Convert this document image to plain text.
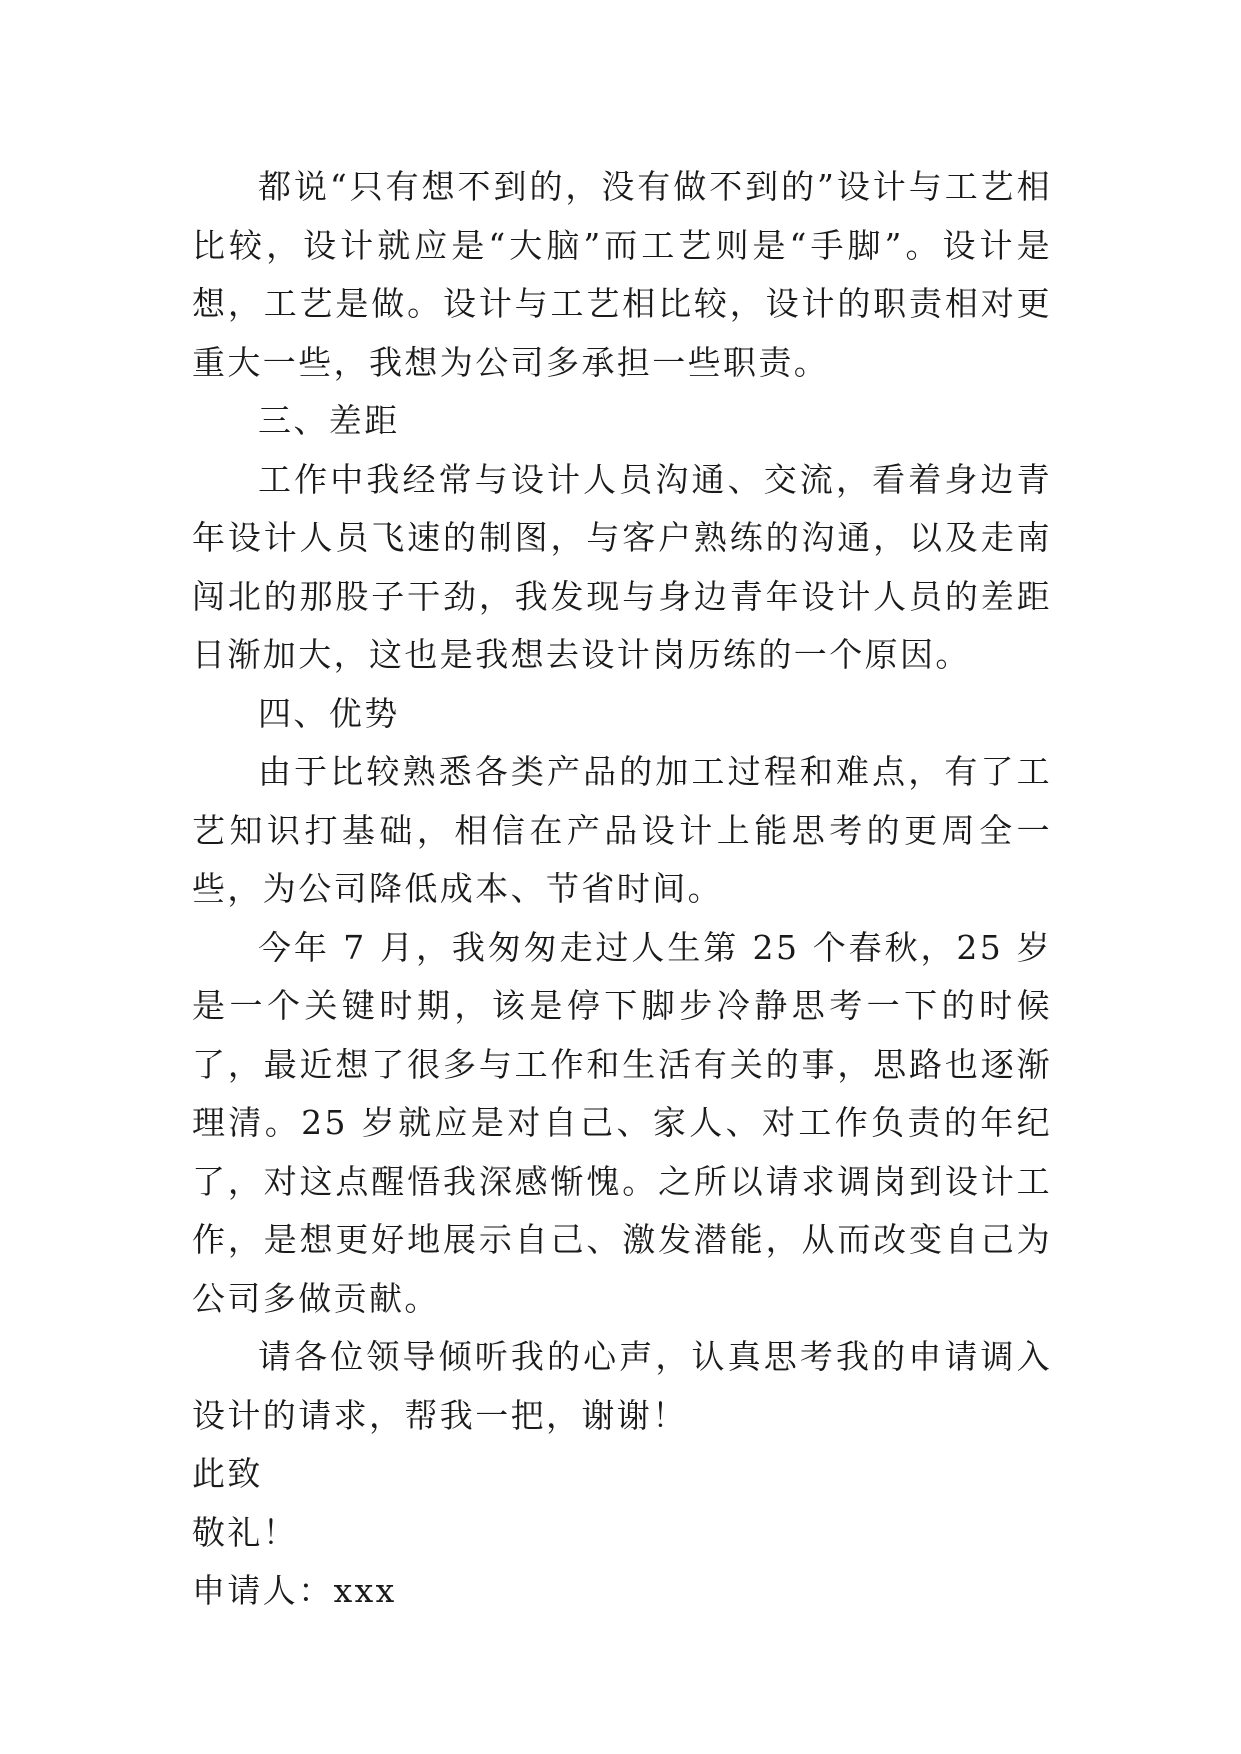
都说“只有想不到的，没有做不到的”设计与工艺相比较，设计就应是“大脑”而工艺则是“手脚”。设计是想，工艺是做。设计与工艺相比较，设计的职责相对更重大一些，我想为公司多承担一些职责。

三、差距

工作中我经常与设计人员沟通、交流，看着身边青年设计人员飞速的制图，与客户熟练的沟通，以及走南闯北的那股子干劲，我发现与身边青年设计人员的差距日渐加大，这也是我想去设计岗历练的一个原因。

四、优势

由于比较熟悉各类产品的加工过程和难点，有了工艺知识打基础，相信在产品设计上能思考的更周全一些，为公司降低成本、节省时间。

今年 7 月，我匆匆走过人生第 25 个春秋，25 岁是一个关键时期，该是停下脚步冷静思考一下的时候了，最近想了很多与工作和生活有关的事，思路也逐渐理清。25 岁就应是对自己、家人、对工作负责的年纪了，对这点醒悟我深感惭愧。之所以请求调岗到设计工作，是想更好地展示自己、激发潜能，从而改变自己为公司多做贡献。

请各位领导倾听我的心声，认真思考我的申请调入设计的请求，帮我一把，谢谢！

此致

敬礼！

申请人：xxx
